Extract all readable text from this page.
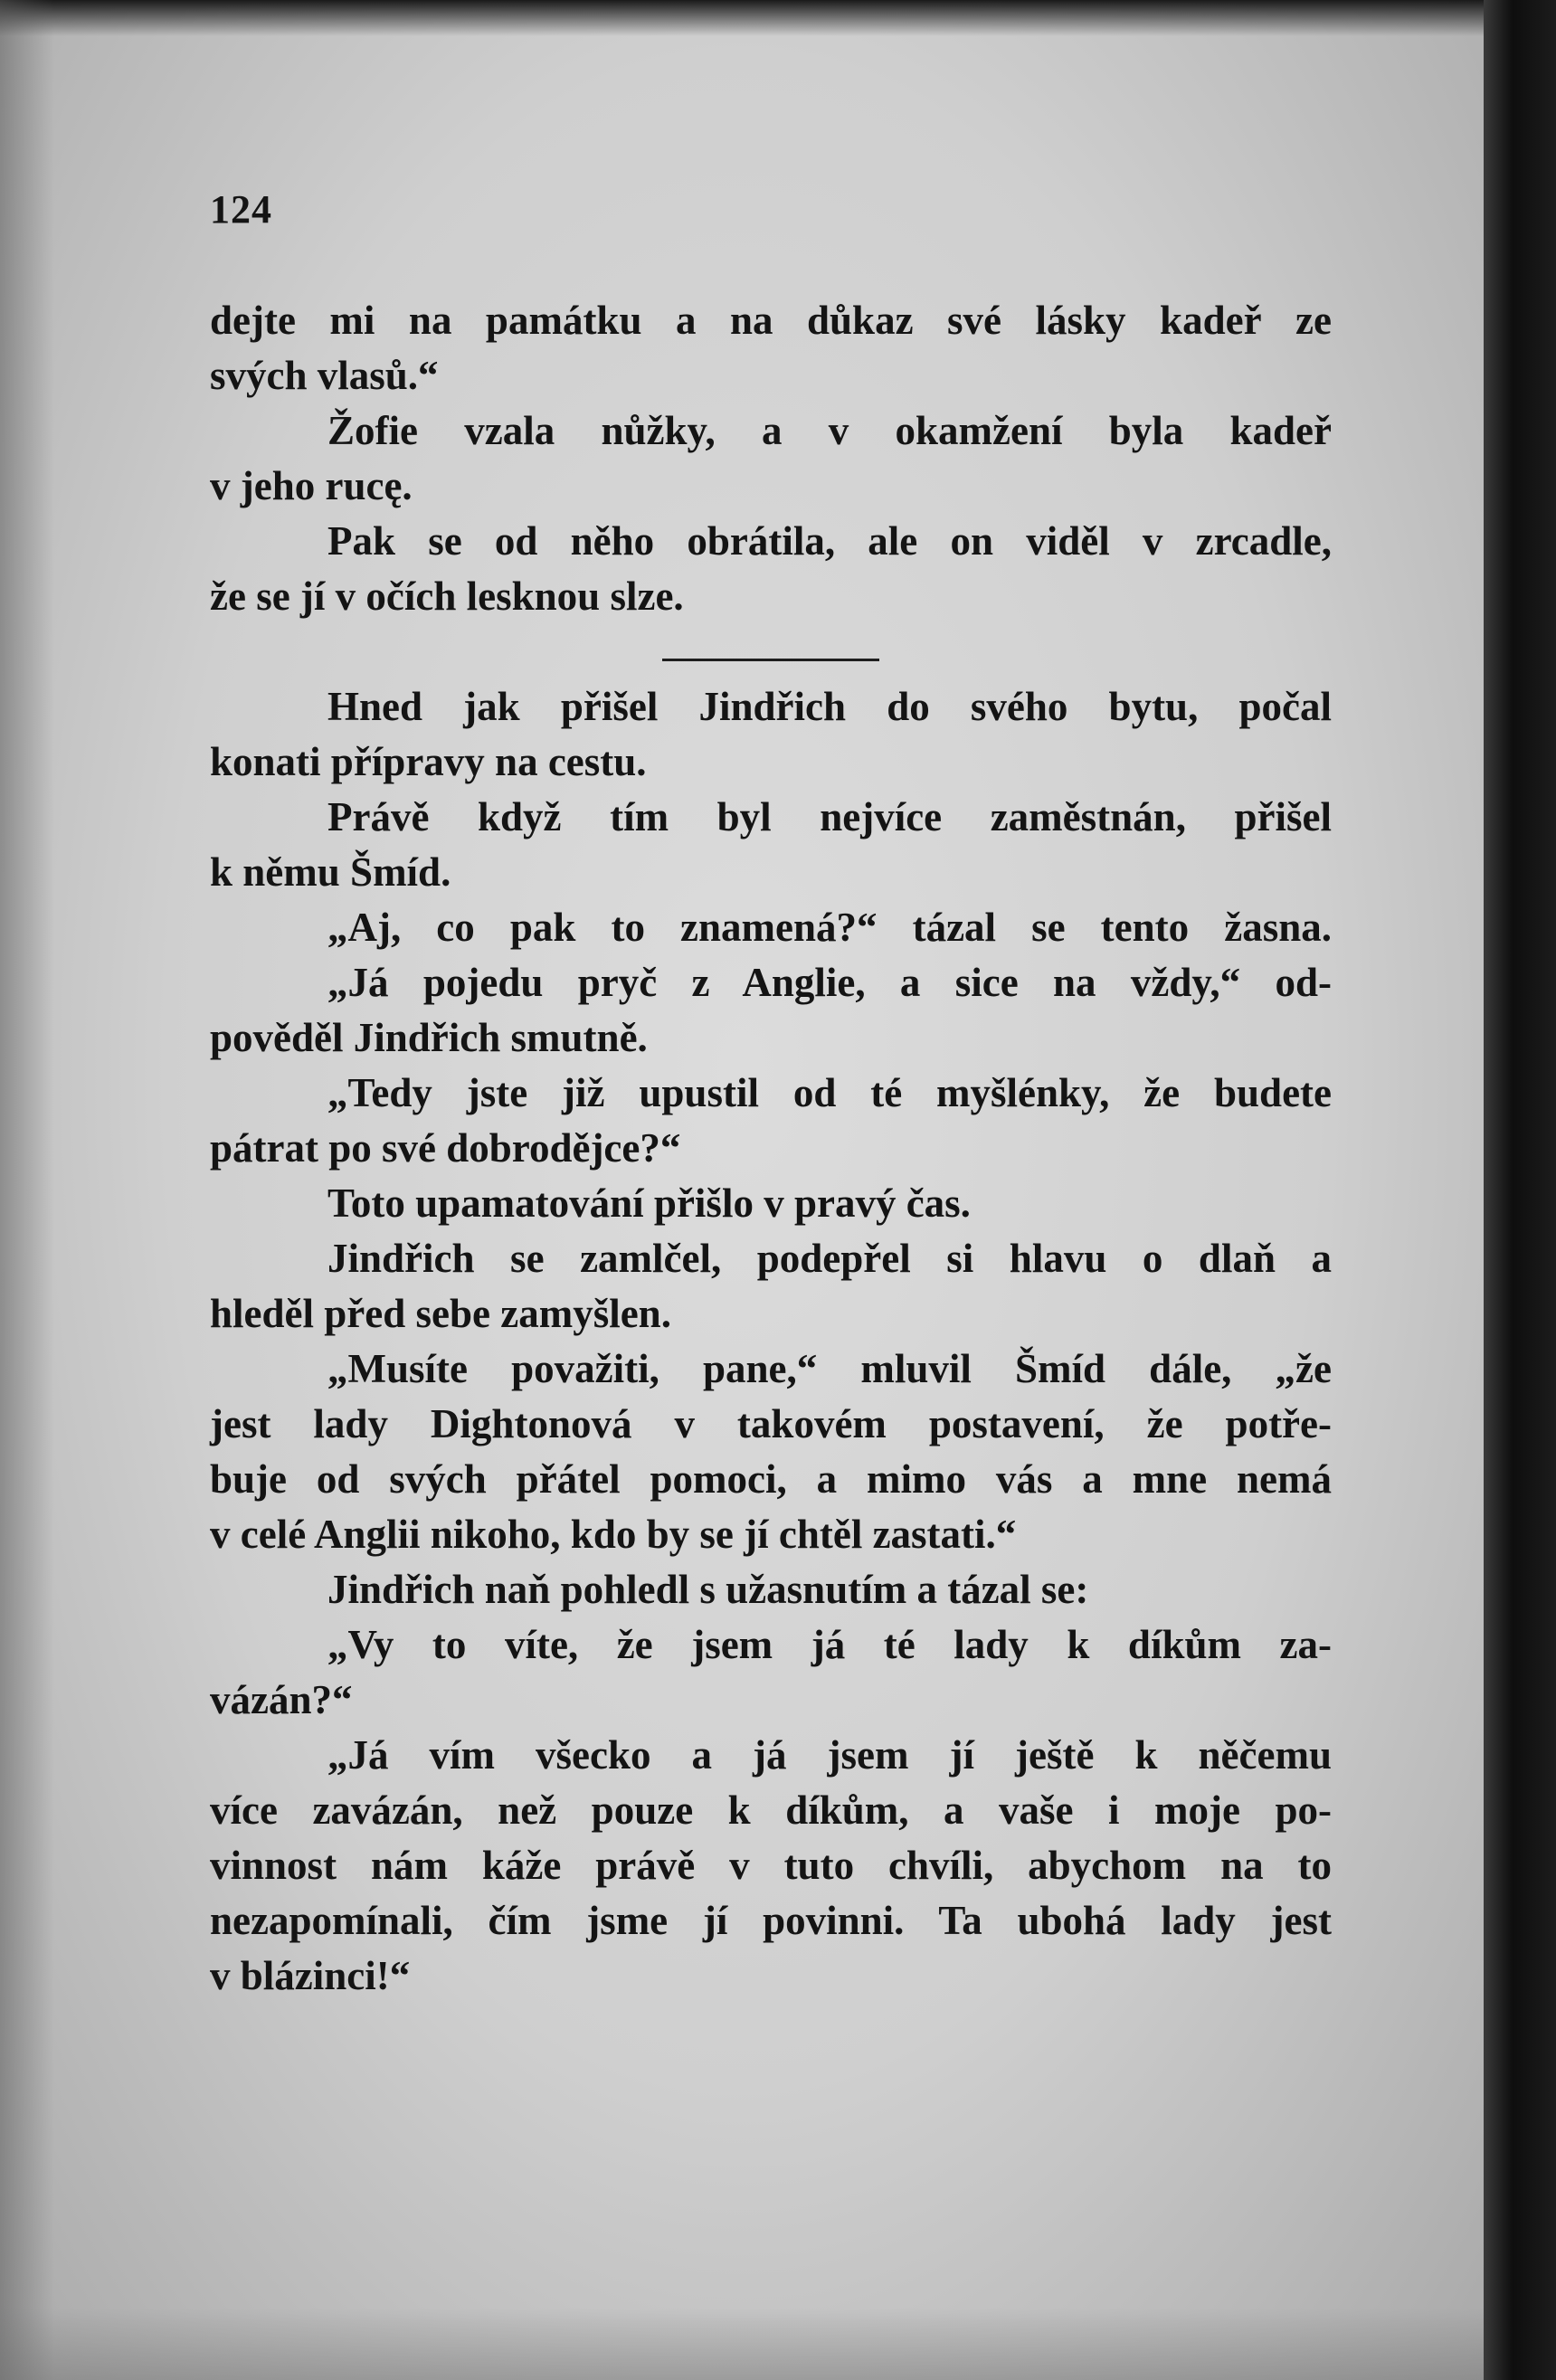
124
dejte mi na památku a na důkaz své lásky kadeř ze
svých vlasů.“
Žofie vzala nůžky, a v okamžení byla kadeř
v jeho rucę.
Pak se od něho obrátila, ale on viděl v zrcadle,
že se jí v očích lesknou slze.
Hned jak přišel Jindřich do svého bytu, počal
konati přípravy na cestu.
Právě když tím byl nejvíce zaměstnán, přišel
k němu Šmíd.
„Aj, co pak to znamená?“ tázal se tento žasna.
„Já pojedu pryč z Anglie, a sice na vždy,“ od-
pověděl Jindřich smutně.
„Tedy jste již upustil od té myšlénky, že budete
pátrat po své dobrodějce?“
Toto upamatování přišlo v pravý čas.
Jindřich se zamlčel, podepřel si hlavu o dlaň a
hleděl před sebe zamyšlen.
„Musíte považiti, pane,“ mluvil Šmíd dále, „že
jest lady Dightonová v takovém postavení, že potře-
buje od svých přátel pomoci, a mimo vás a mne nemá
v celé Anglii nikoho, kdo by se jí chtěl zastati.“
Jindřich naň pohledl s užasnutím a tázal se:
„Vy to víte, že jsem já té lady k díkům za-
vázán?“
„Já vím všecko a já jsem jí ještě k něčemu
více zavázán, než pouze k díkům, a vaše i moje po-
vinnost nám káže právě v tuto chvíli, abychom na to
nezapomínali, čím jsme jí povinni. Ta ubohá lady jest
v blázinci!“
